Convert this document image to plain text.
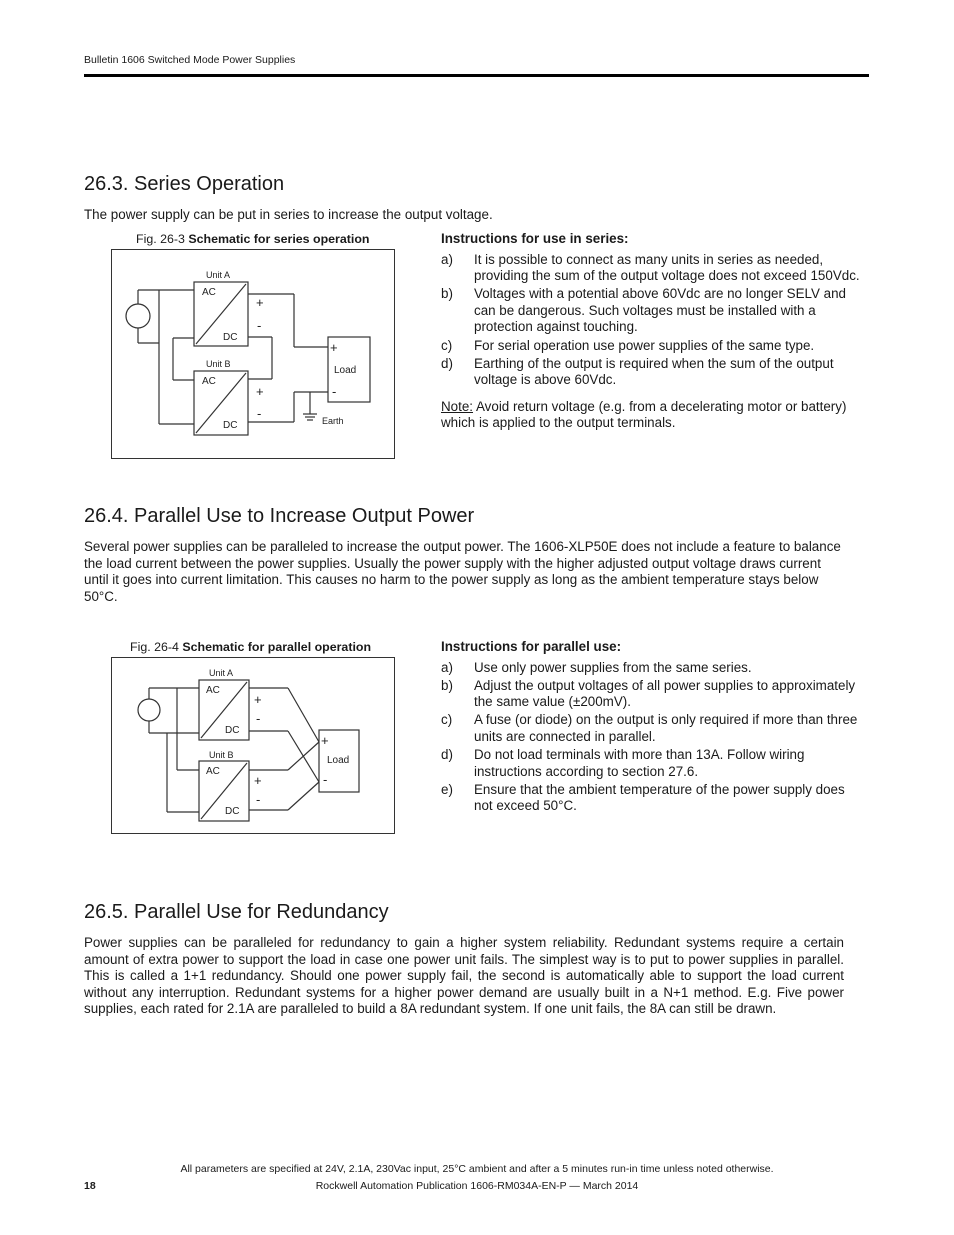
Bulletin 1606 Switched Mode Power Supplies
26.3. Series Operation
The power supply can be put in series to increase the output voltage.
Fig. 26-3 Schematic for series operation
Unit A
AC
DC
Unit B
AC
DC
+
-
+
-
+
Load
-
Earth
Instructions for use in series:
a) It is possible to connect as many units in series as needed, providing the sum of the output voltage does not exceed 150Vdc.
b) Voltages with a potential above 60Vdc are no longer SELV and can be dangerous. Such voltages must be installed with a protection against touching.
c) For serial operation use power supplies of the same type.
d) Earthing of the output is required when the sum of the output voltage is above 60Vdc.
Note: Avoid return voltage (e.g. from a decelerating motor or battery) which is applied to the output terminals.
26.4. Parallel Use to Increase Output Power
Several power supplies can be paralleled to increase the output power. The 1606-XLP50E does not include a feature to balance the load current between the power supplies. Usually the power supply with the higher adjusted output voltage draws current until it goes into current limitation. This causes no harm to the power supply as long as the ambient temperature stays below 50°C.
Fig. 26-4 Schematic for parallel operation
Unit A
AC
DC
Unit B
AC
DC
+
-
+
-
+
Load
-
Instructions for parallel use:
a) Use only power supplies from the same series.
b) Adjust the output voltages of all power supplies to approximately the same value (±200mV).
c) A fuse (or diode) on the output is only required if more than three units are connected in parallel.
d) Do not load terminals with more than 13A. Follow wiring instructions according to section 27.6.
e) Ensure that the ambient temperature of the power supply does not exceed 50°C.
26.5. Parallel Use for Redundancy
Power supplies can be paralleled for redundancy to gain a higher system reliability. Redundant systems require a certain amount of extra power to support the load in case one power unit fails. The simplest way is to put to power supplies in parallel. This is called a 1+1 redundancy. Should one power supply fail, the second is automatically able to support the load current without any interruption. Redundant systems for a higher power demand are usually built in a N+1 method. E.g. Five power supplies, each rated for 2.1A are paralleled to build a 8A redundant system. If one unit fails, the 8A can still be drawn.
All parameters are specified at 24V, 2.1A, 230Vac input, 25°C ambient and after a 5 minutes run-in time unless noted otherwise.
18	Rockwell Automation Publication 1606-RM034A-EN-P — March 2014
